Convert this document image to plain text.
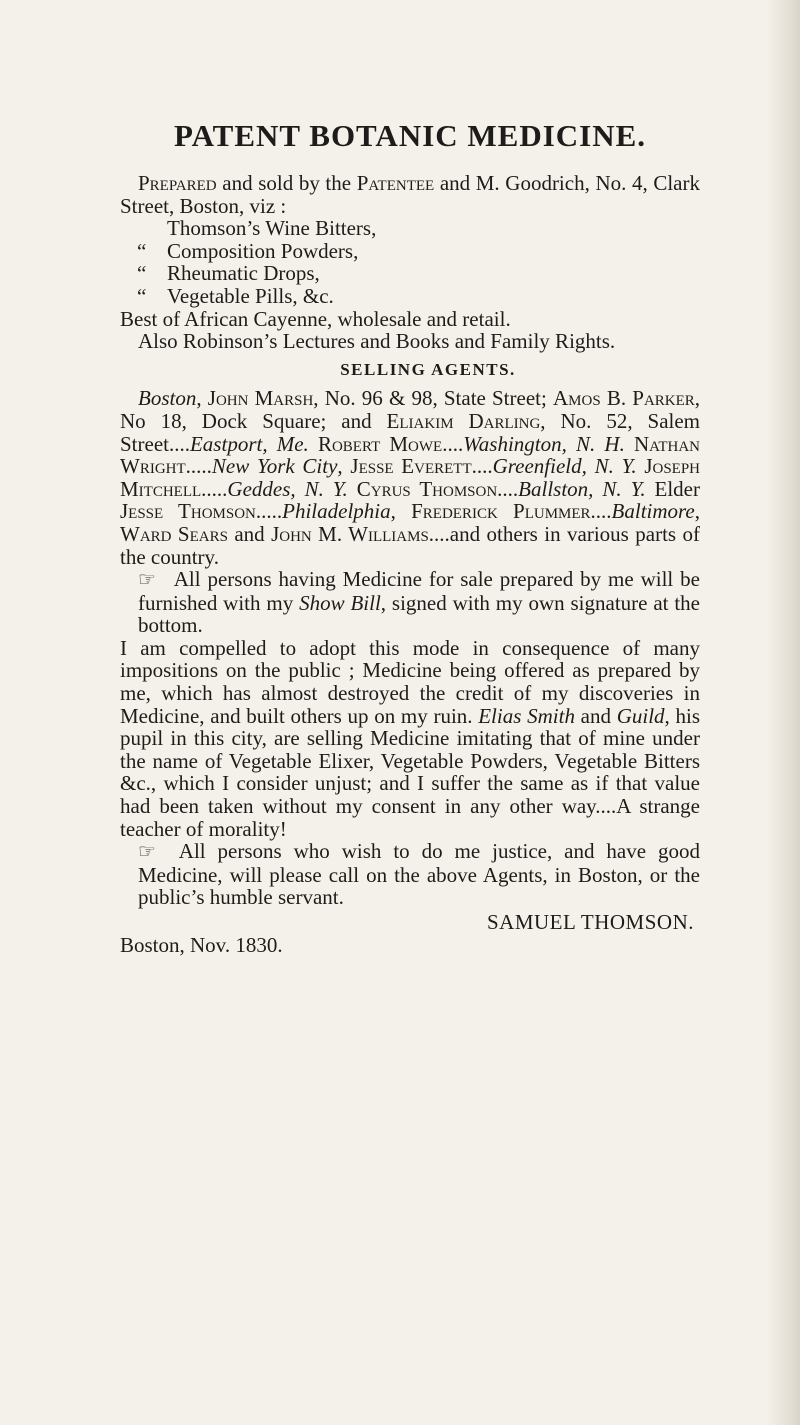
PATENT BOTANIC MEDICINE.

Prepared and sold by the Patentee and M. Goodrich, No. 4, Clark Street, Boston, viz :

Thomson’s Wine Bitters,

“ Composition Powders,

“ Rheumatic Drops,

“ Vegetable Pills, &c.

Best of African Cayenne, wholesale and retail.

Also Robinson’s Lectures and Books and Family Rights.

SELLING AGENTS.

Boston, John Marsh, No. 96 & 98, State Street; Amos B. Parker, No 18, Dock Square; and Eliakim Darling, No. 52, Salem Street....Eastport, Me. Robert Mowe....Washington, N. H. Nathan Wright.....New York City, Jesse Everett....Greenfield, N. Y. Joseph Mitchell.....Geddes, N. Y. Cyrus Thomson....Ballston, N. Y. Elder Jesse Thomson.....Philadelphia, Frederick Plummer....Baltimore, Ward Sears and John M. Williams....and others in various parts of the country.

☞ All persons having Medicine for sale prepared by me will be furnished with my Show Bill, signed with my own signature at the bottom.

I am compelled to adopt this mode in consequence of many impositions on the public ; Medicine being offered as prepared by me, which has almost destroyed the credit of my discoveries in Medicine, and built others up on my ruin. Elias Smith and Guild, his pupil in this city, are selling Medicine imitating that of mine under the name of Vegetable Elixer, Vegetable Powders, Vegetable Bitters &c., which I consider unjust; and I suffer the same as if that value had been taken without my consent in any other way....A strange teacher of morality!

☞ All persons who wish to do me justice, and have good Medicine, will please call on the above Agents, in Boston, or the public’s humble servant.

SAMUEL THOMSON.

Boston, Nov. 1830.
